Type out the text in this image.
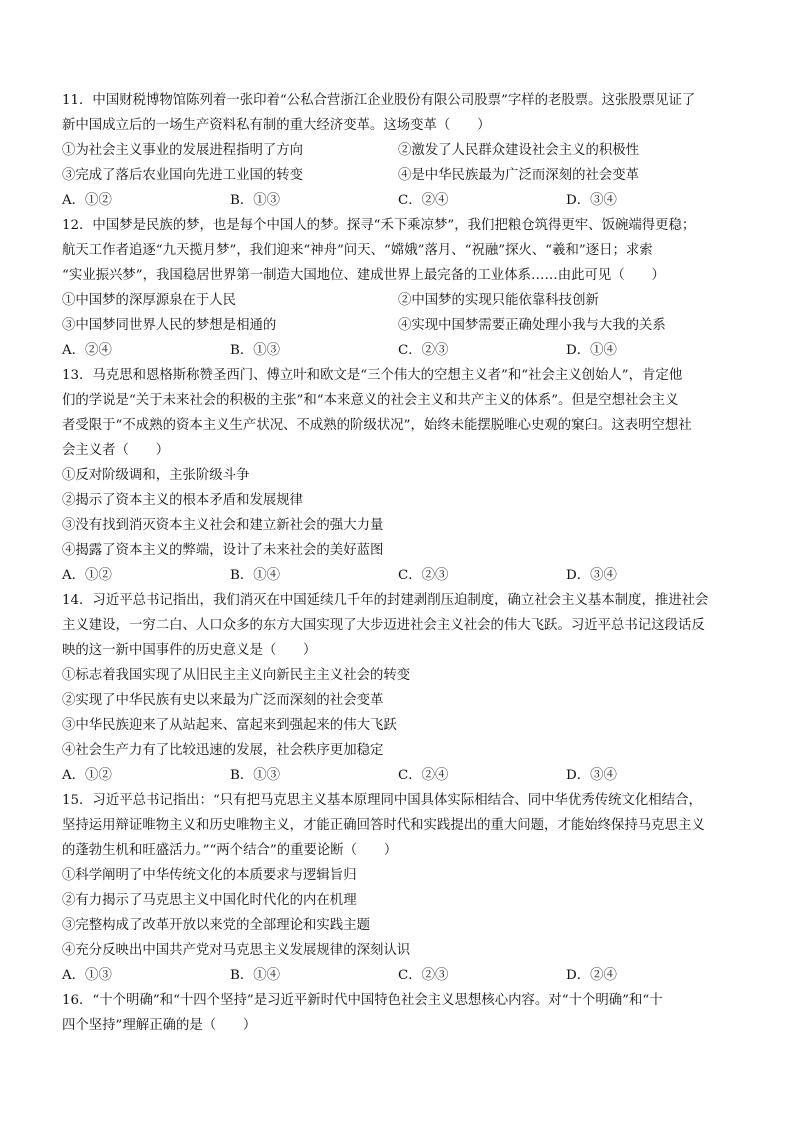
11．中国财税博物馆陈列着一张印着“公私合营浙江企业股份有限公司股票”字样的老股票。这张股票见证了
新中国成立后的一场生产资料私有制的重大经济变革。这场变革（　　）
①为社会主义事业的发展进程指明了方向	②激发了人民群众建设社会主义的积极性
③完成了落后农业国向先进工业国的转变	④是中华民族最为广泛而深刻的社会变革
A．①②	B．①③	C．②④	D．③④
12．中国梦是民族的梦，也是每个中国人的梦。探寻“禾下乘凉梦”，我们把粮仓筑得更牢、饭碗端得更稳；
航天工作者追逐“九天揽月梦”，我们迎来“神舟”问天、“嫦娥”落月、“祝融”探火、“羲和”逐日；求索
“实业振兴梦”，我国稳居世界第一制造大国地位、建成世界上最完备的工业体系……由此可见（　　）
①中国梦的深厚源泉在于人民	②中国梦的实现只能依靠科技创新
③中国梦同世界人民的梦想是相通的	④实现中国梦需要正确处理小我与大我的关系
A．②④	B．①③	C．②③	D．①④
13．马克思和恩格斯称赞圣西门、傅立叶和欧文是“三个伟大的空想主义者”和“社会主义创始人”，肯定他
们的学说是“关于未来社会的积极的主张”和“本来意义的社会主义和共产主义的体系”。但是空想社会主义
者受限于“不成熟的资本主义生产状况、不成熟的阶级状况”，始终未能摆脱唯心史观的窠臼。这表明空想社
会主义者（　　）
①反对阶级调和，主张阶级斗争
②揭示了资本主义的根本矛盾和发展规律
③没有找到消灭资本主义社会和建立新社会的强大力量
④揭露了资本主义的弊端，设计了未来社会的美好蓝图
A．①②	B．①④	C．②③	D．③④
14．习近平总书记指出，我们消灭在中国延续几千年的封建剥削压迫制度，确立社会主义基本制度，推进社会
主义建设，一穷二白、人口众多的东方大国实现了大步迈进社会主义社会的伟大飞跃。习近平总书记这段话反
映的这一新中国事件的历史意义是（　　）
①标志着我国实现了从旧民主主义向新民主主义社会的转变
②实现了中华民族有史以来最为广泛而深刻的社会变革
③中华民族迎来了从站起来、富起来到强起来的伟大飞跃
④社会生产力有了比较迅速的发展，社会秩序更加稳定
A．①②	B．①③	C．②④	D．③④
15．习近平总书记指出：“只有把马克思主义基本原理同中国具体实际相结合、同中华优秀传统文化相结合，
坚持运用辩证唯物主义和历史唯物主义，才能正确回答时代和实践提出的重大问题，才能始终保持马克思主义
的蓬勃生机和旺盛活力。”“两个结合”的重要论断（　　）
①科学阐明了中华传统文化的本质要求与逻辑旨归
②有力揭示了马克思主义中国化时代化的内在机理
③完整构成了改革开放以来党的全部理论和实践主题
④充分反映出中国共产党对马克思主义发展规律的深刻认识
A．①③	B．①④	C．②③	D．②④
16．“十个明确”和“十四个坚持”是习近平新时代中国特色社会主义思想核心内容。对“十个明确”和“十
四个坚持”理解正确的是（　　）
